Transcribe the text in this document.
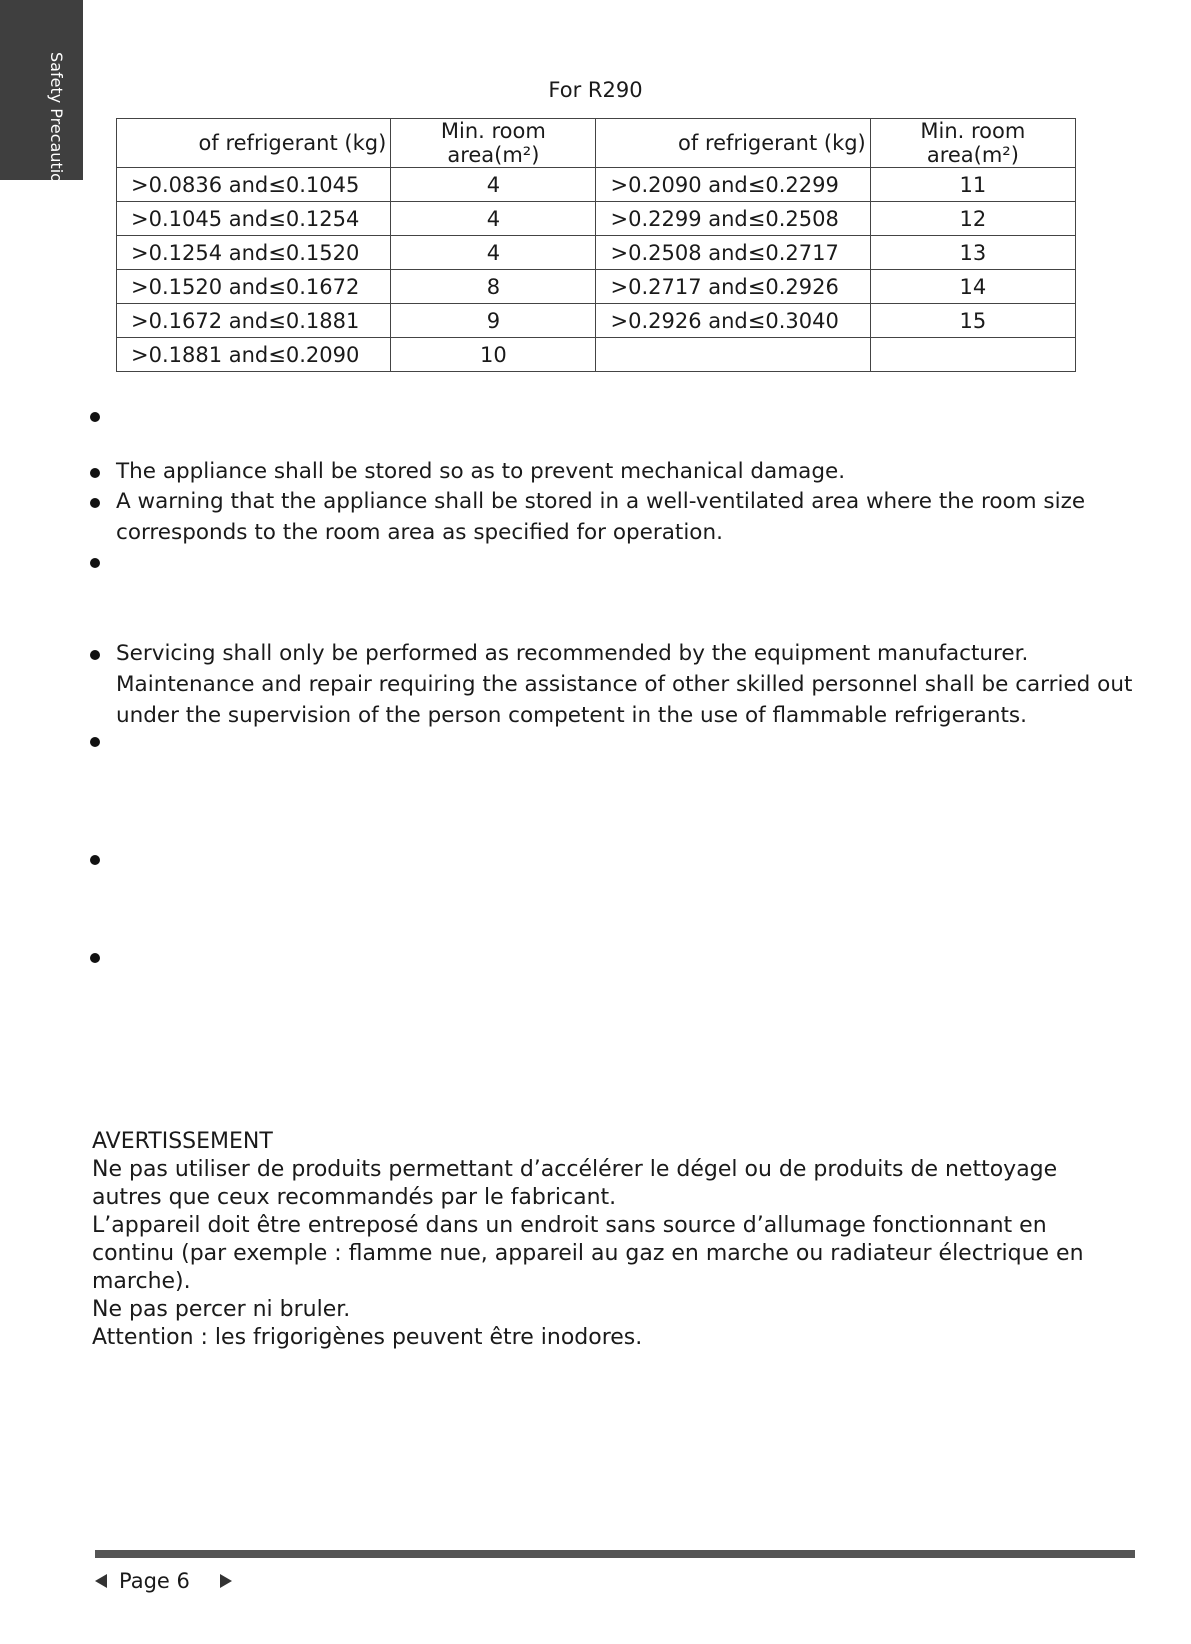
Safety Precautions	For R290
of refrigerant (kg)	Min. room area(m²)	of refrigerant (kg)	Min. room area(m²)
>0.0836 and≤0.1045	4	>0.2090 and≤0.2299	11
>0.1045 and≤0.1254	4	>0.2299 and≤0.2508	12
>0.1254 and≤0.1520	4	>0.2508 and≤0.2717	13
>0.1520 and≤0.1672	8	>0.2717 and≤0.2926	14
>0.1672 and≤0.1881	9	>0.2926 and≤0.3040	15
>0.1881 and≤0.2090	10		
The appliance shall be stored so as to prevent mechanical damage.
A warning that the appliance shall be stored in a well-ventilated area where the room size corresponds to the room area as specified for operation.
Servicing shall only be performed as recommended by the equipment manufacturer. Maintenance and repair requiring the assistance of other skilled personnel shall be carried out under the supervision of the person competent in the use of flammable refrigerants.

AVERTISSEMENT

Ne pas utiliser de produits permettant d’accélérer le dégel ou de produits de nettoyage autres que ceux recommandés par le fabricant.

L’appareil doit être entreposé dans un endroit sans source d’allumage fonctionnant en continu (par exemple : flamme nue, appareil au gaz en marche ou radiateur électrique en marche).

Ne pas percer ni bruler.

Attention : les frigorigènes peuvent être inodores.

Page 6
